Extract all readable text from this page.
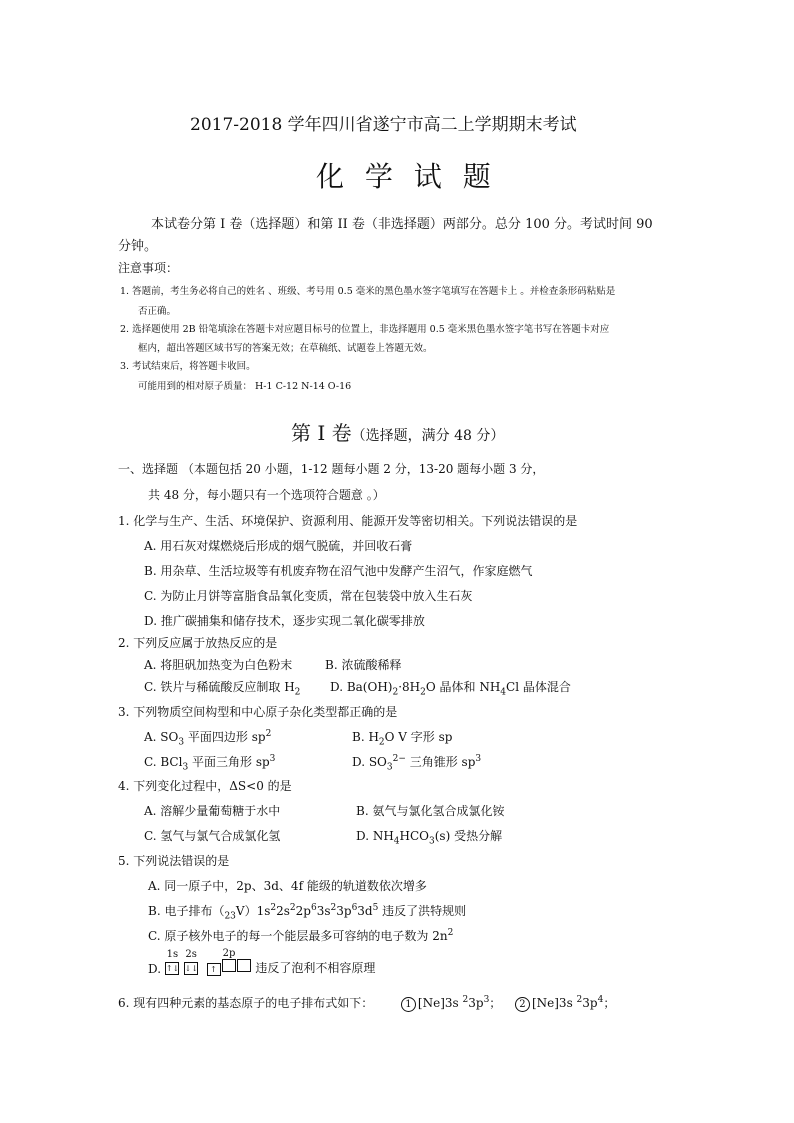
2017-2018 学年四川省遂宁市高二上学期期末考试
化 学 试 题
本试卷分第 I 卷（选择题）和第 II 卷（非选择题）两部分。总分 100 分。考试时间 90
分钟。
注意事项：
1. 答题前，考生务必将自己的姓名 、班级、考号用 0.5 毫米的黑色墨水签字笔填写在答题卡上 。并检查条形码粘贴是
否正确。
2. 选择题使用 2B 铅笔填涂在答题卡对应题目标号的位置上，非选择题用 0.5 毫米黑色墨水签字笔书写在答题卡对应
框内，超出答题区域书写的答案无效；在草稿纸、试题卷上答题无效。
3. 考试结束后，将答题卡收回。
可能用到的相对原子质量： H-1 C-12 N-14 O-16
第 I 卷（选择题，满分 48 分）
一、选择题 （本题包括 20 小题，1-12 题每小题 2 分，13-20 题每小题 3 分，
共 48 分，每小题只有一个选项符合题意 。）
1. 化学与生产、生活、环境保护、资源利用、能源开发等密切相关。下列说法错误的是
A. 用石灰对煤燃烧后形成的烟气脱硫，并回收石膏
B. 用杂草、生活垃圾等有机废弃物在沼气池中发酵产生沼气，作家庭燃气
C. 为防止月饼等富脂食品氧化变质，常在包装袋中放入生石灰
D. 推广碳捕集和储存技术，逐步实现二氧化碳零排放
2. 下列反应属于放热反应的是
A. 将胆矾加热变为白色粉末	B. 浓硫酸稀释
C. 铁片与稀硫酸反应制取 $H_2$ D. $Ba(OH)_2\cdot 8H_2O$ 晶体和 $NH_4Cl$ 晶体混合
3. 下列物质空间构型和中心原子杂化类型都正确的是
A. $SO_3$ 平面四边形 $sp^2$	B. $H_2O$ V 字形 sp
C. BCl$_3$ 平面三角形 $sp^3$	D. $SO_3^{2-}$ 三角锥形 $sp^3$
4. 下列变化过程中，ΔS<0 的是
A. 溶解少量葡萄糖于水中	B. 氨气与氯化氢合成氯化铵
C. 氢气与氯气合成氯化氢	D. $NH_4HCO_3(s)$ 受热分解
5. 下列说法错误的是
A. 同一原子中，2p、3d、4f 能级的轨道数依次增多
B. 电子排布$(_{23}V)1s^22s^22p^63s^23p^63d^5$ 违反了洪特规则
C. 原子核外电子的每一个能层最多可容纳的电子数为 $2n^2$
D.
1s
↑↓
2s
↓↓
2p
↑	违反了泡利不相容原理
6. 现有四种元素的基态原子的电子排布式如下：	1 [Ne]3s $^23p^3$； 2 [Ne]3s $^23p^4$；
